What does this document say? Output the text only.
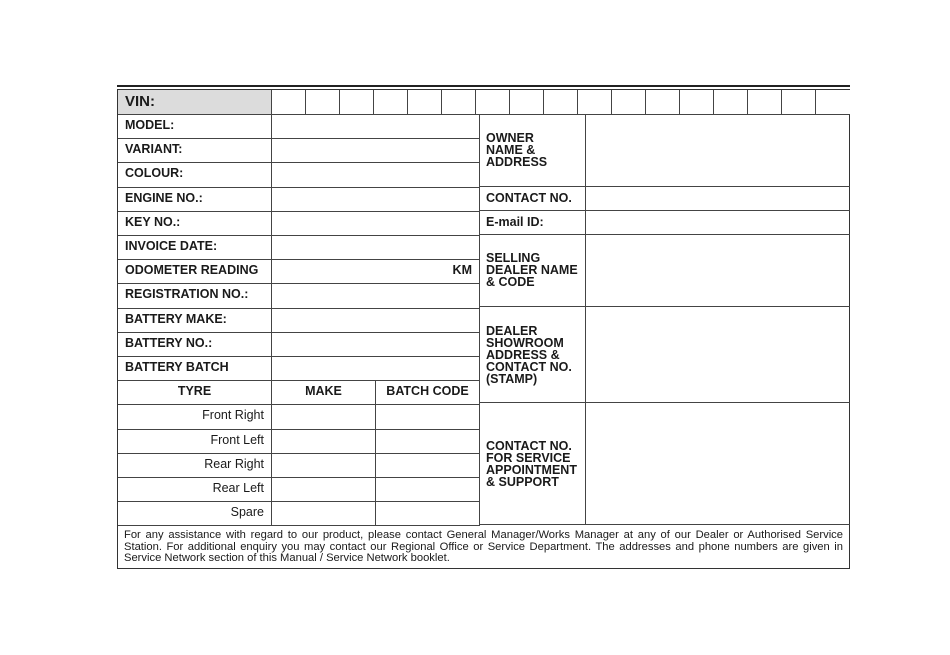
For any assistance with regard to our product, please contact General Manager/Works Manager at any of our Dealer or Authorised Service Station. For additional enquiry you may contact our Regional Office or Service Department. The addresses and phone numbers are given in Service Network section of this Manual / Service Network booklet.
VIN:
MODEL:
VARIANT:
COLOUR:
ENGINE NO.:
KEY NO.:
INVOICE DATE:
ODOMETER READING	KM
REGISTRATION NO.:
BATTERY MAKE:
BATTERY NO.:
BATTERY BATCH
TYRE	MAKE	BATCH CODE
Front Right
Front Left
Rear Right
Rear Left
Spare
OWNER
NAME &
ADDRESS
CONTACT NO.
E-mail ID:
SELLING
DEALER NAME
& CODE
DEALER
SHOWROOM
ADDRESS &
CONTACT NO.
(STAMP)
CONTACT NO.
FOR SERVICE
APPOINTMENT
& SUPPORT
